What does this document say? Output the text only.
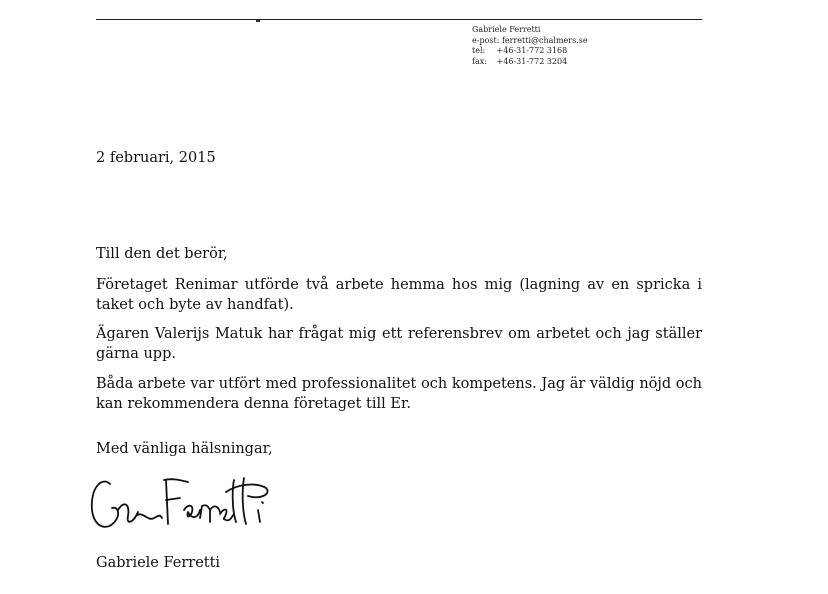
Gabriele Ferretti
e-post: ferretti@chalmers.se
tel: +46-31-772 3168
fax: +46-31-772 3204
2 februari, 2015
Till den det berör,
Företaget Renimar utförde två arbete hemma hos mig (lagning av en spricka i taket och byte av handfat).
Ägaren Valerijs Matuk har frågat mig ett referensbrev om arbetet och jag ställer gärna upp.
Båda arbete var utfört med professionalitet och kompetens. Jag är väldig nöjd och kan rekommendera denna företaget till Er.
Med vänliga hälsningar,
Gabriele Ferretti
